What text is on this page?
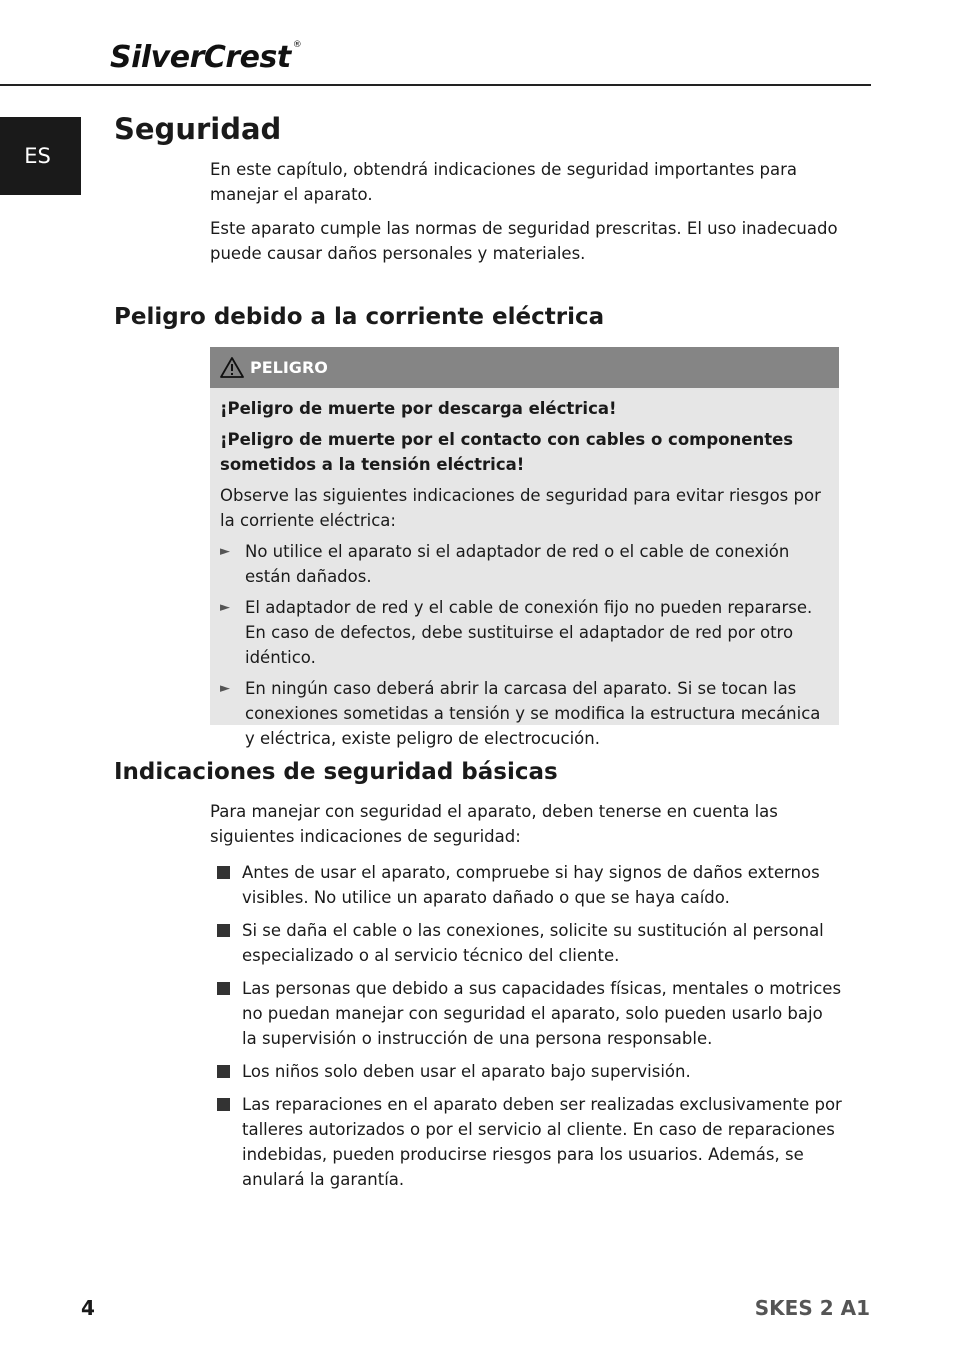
SilverCrest ®
ES
Seguridad

En este capítulo, obtendrá indicaciones de seguridad importantes para manejar el aparato.

Este aparato cumple las normas de seguridad prescritas. El uso inadecuado puede causar daños personales y materiales.

Peligro debido a la corriente eléctrica
PELIGRO

¡Peligro de muerte por descarga eléctrica!

¡Peligro de muerte por el contacto con cables o componentes sometidos a la tensión eléctrica!

Observe las siguientes indicaciones de seguridad para evitar riesgos por la corriente eléctrica:

► No utilice el aparato si el adaptador de red o el cable de conexión están dañados.

► El adaptador de red y el cable de conexión fijo no pueden repararse. En caso de defectos, debe sustituirse el adaptador de red por otro idéntico.

► En ningún caso deberá abrir la carcasa del aparato. Si se tocan las conexiones sometidas a tensión y se modifica la estructura mecánica y eléctrica, existe peligro de electrocución.

Indicaciones de seguridad básicas

Para manejar con seguridad el aparato, deben tenerse en cuenta las siguientes indicaciones de seguridad:

Antes de usar el aparato, compruebe si hay signos de daños externos visibles. No utilice un aparato dañado o que se haya caído.
Si se daña el cable o las conexiones, solicite su sustitución al personal especializado o al servicio técnico del cliente.
Las personas que debido a sus capacidades físicas, mentales o motrices no puedan manejar con seguridad el aparato, solo pueden usarlo bajo la supervisión o instrucción de una persona responsable.
Los niños solo deben usar el aparato bajo supervisión.
Las reparaciones en el aparato deben ser realizadas exclusivamente por talleres autorizados o por el servicio al cliente. En caso de reparaciones indebidas, pueden producirse riesgos para los usuarios. Además, se anulará la garantía.
4	SKES 2 A1
